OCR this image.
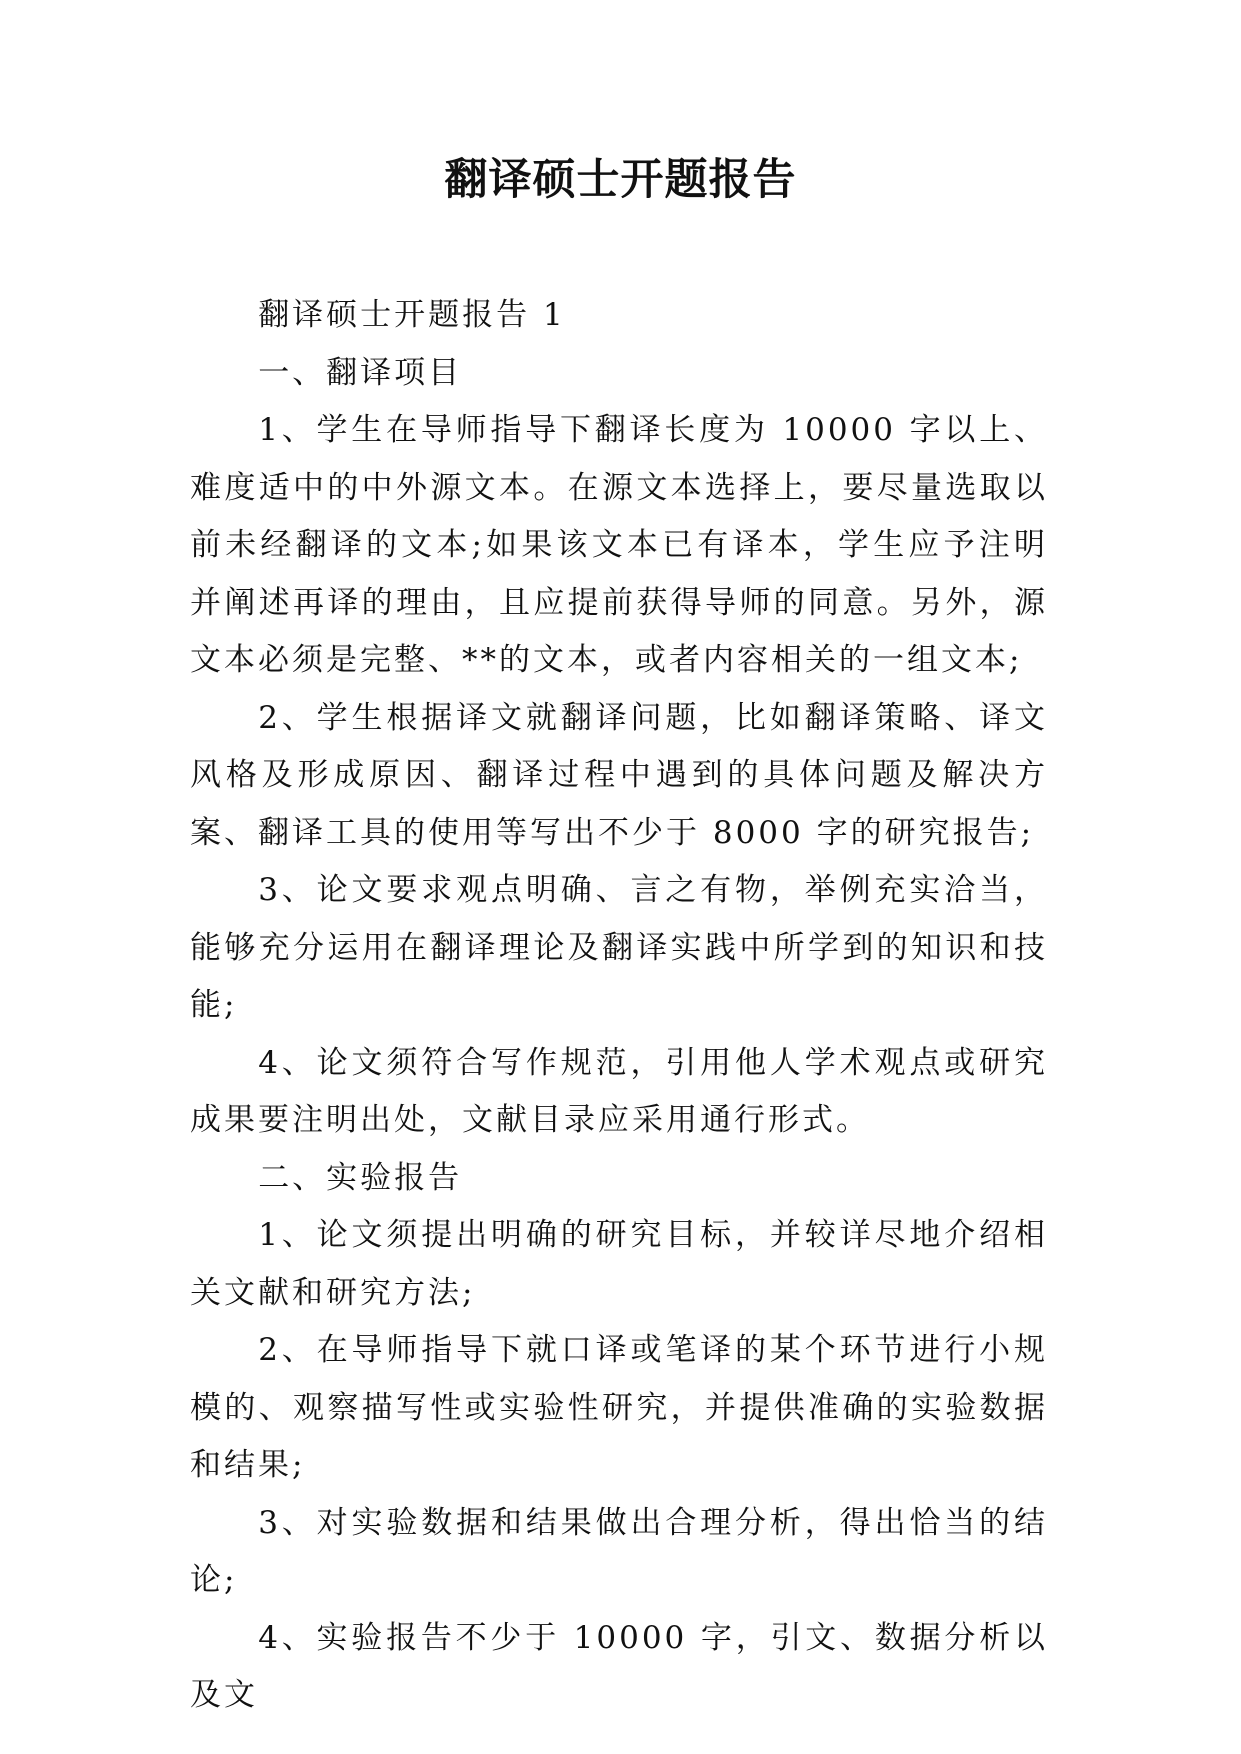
翻译硕士开题报告

翻译硕士开题报告 1

一、翻译项目

1、学生在导师指导下翻译长度为 10000 字以上、难度适中的中外源文本。在源文本选择上，要尽量选取以前未经翻译的文本;如果该文本已有译本，学生应予注明并阐述再译的理由，且应提前获得导师的同意。另外，源文本必须是完整、**的文本，或者内容相关的一组文本;

2、学生根据译文就翻译问题，比如翻译策略、译文风格及形成原因、翻译过程中遇到的具体问题及解决方案、翻译工具的使用等写出不少于 8000 字的研究报告;

3、论文要求观点明确、言之有物，举例充实洽当，能够充分运用在翻译理论及翻译实践中所学到的知识和技能;

4、论文须符合写作规范，引用他人学术观点或研究成果要注明出处，文献目录应采用通行形式。

二、实验报告

1、论文须提出明确的研究目标，并较详尽地介绍相关文献和研究方法;

2、在导师指导下就口译或笔译的某个环节进行小规模的、观察描写性或实验性研究，并提供准确的实验数据和结果;

3、对实验数据和结果做出合理分析，得出恰当的结论;

4、实验报告不少于 10000 字，引文、数据分析以及文
